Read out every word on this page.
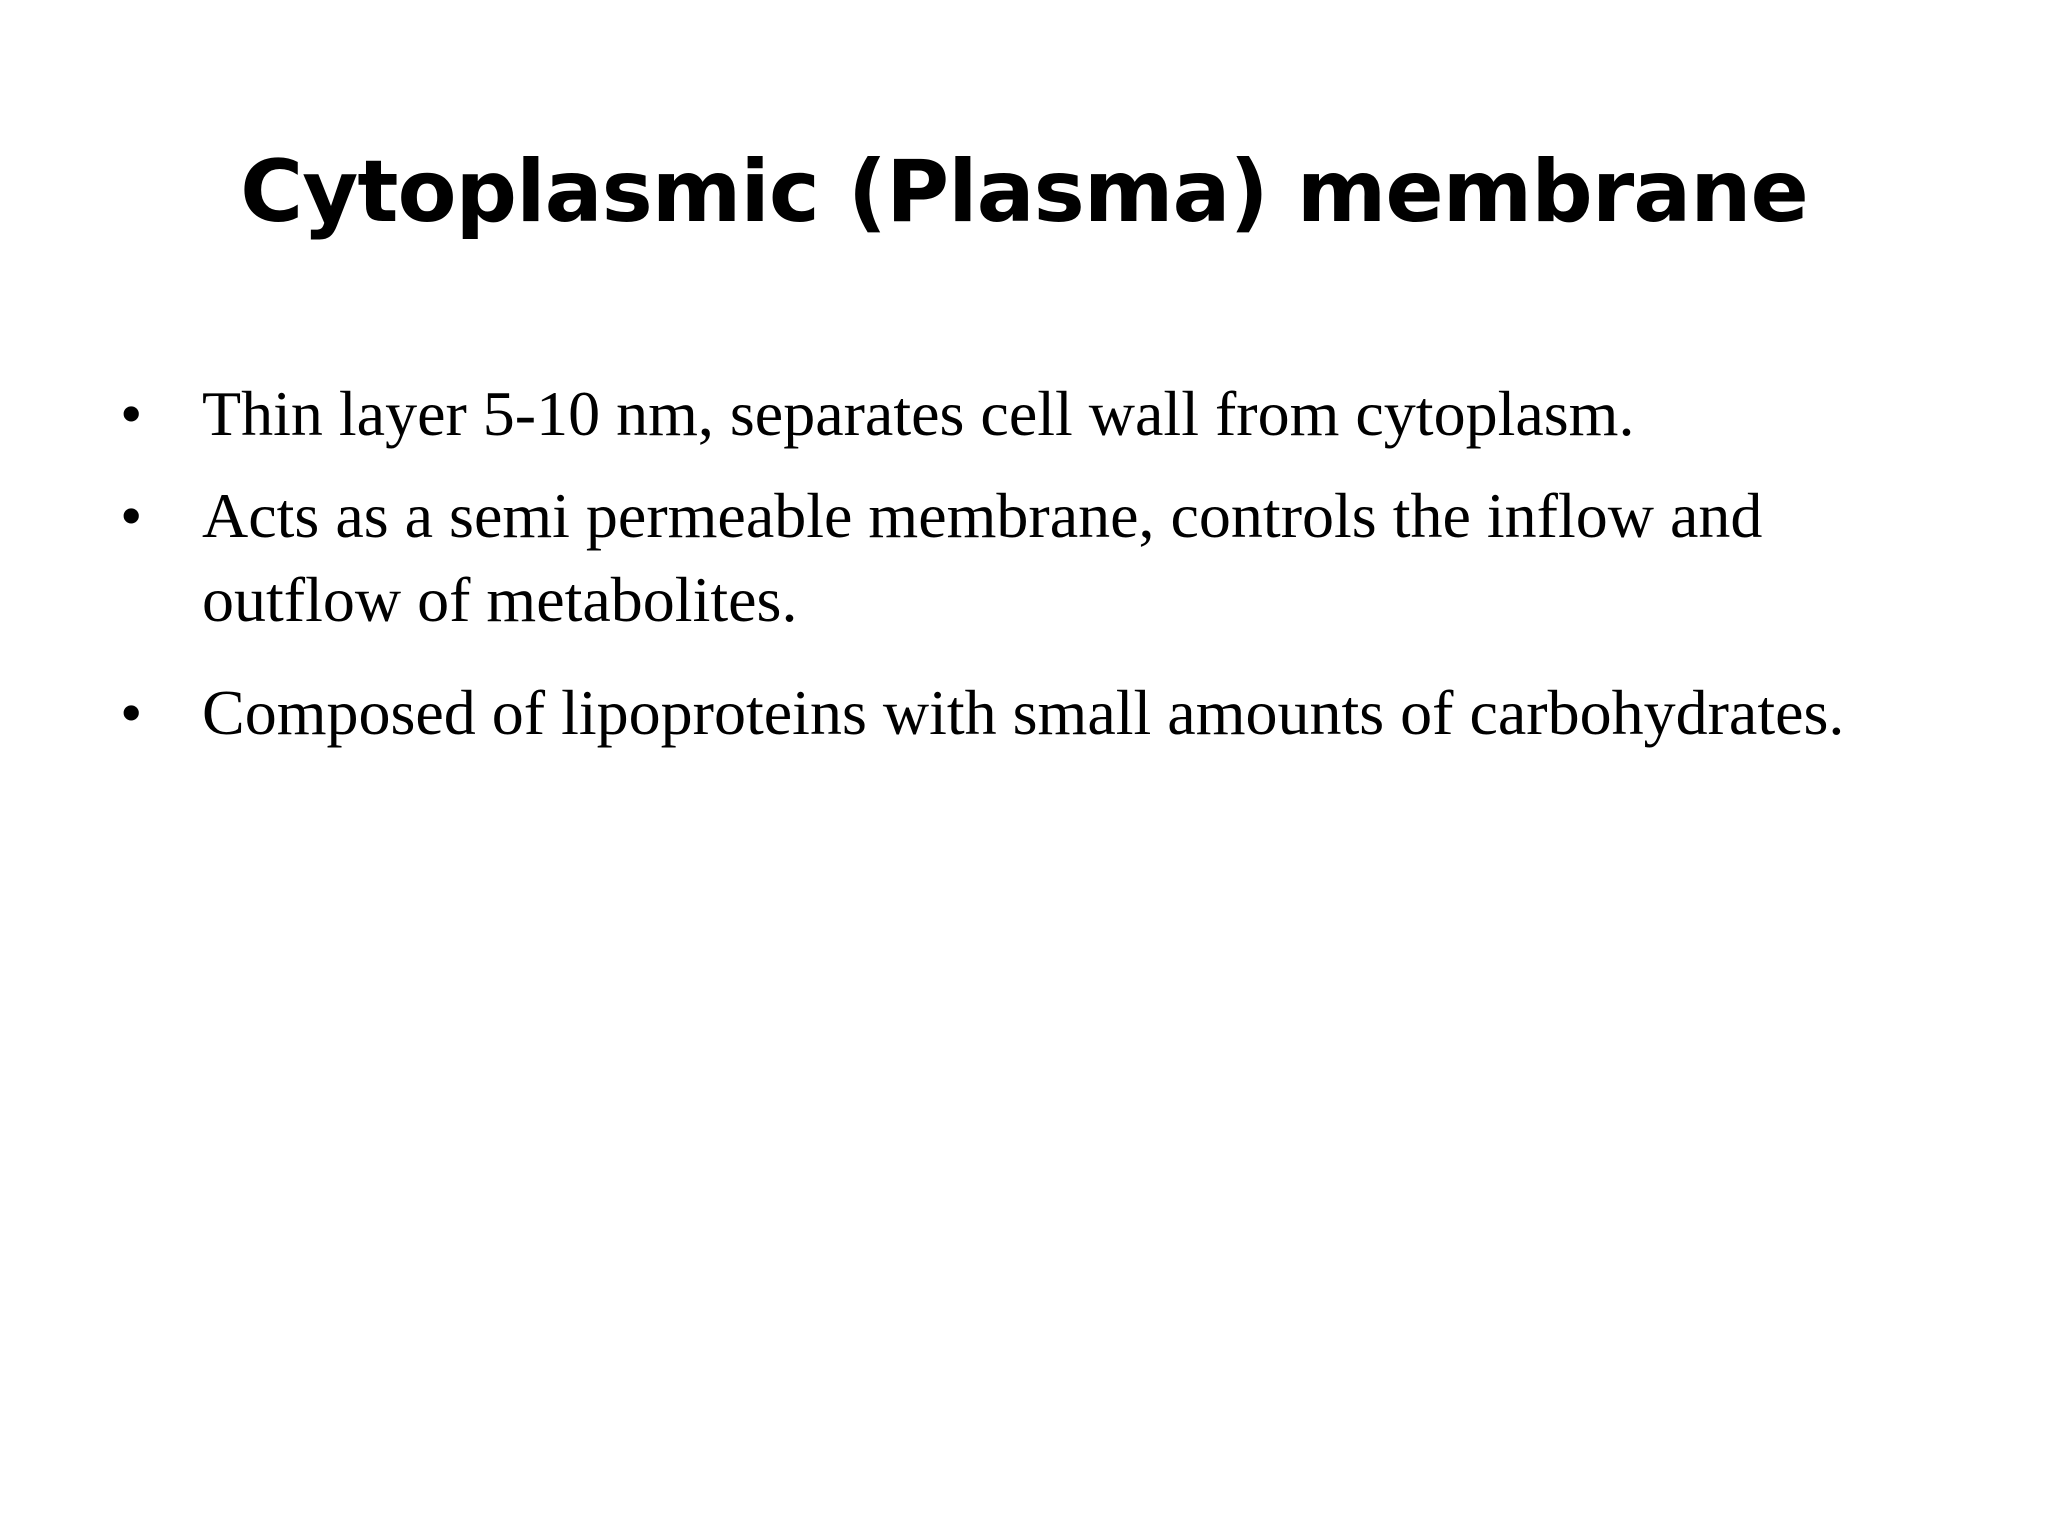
Cytoplasmic (Plasma) membrane
• Thin layer 5-10 nm, separates cell wall from cytoplasm.
• Acts as a semi permeable membrane, controls the inflow and outflow of metabolites.
• Composed of lipoproteins with small amounts of carbohydrates.
